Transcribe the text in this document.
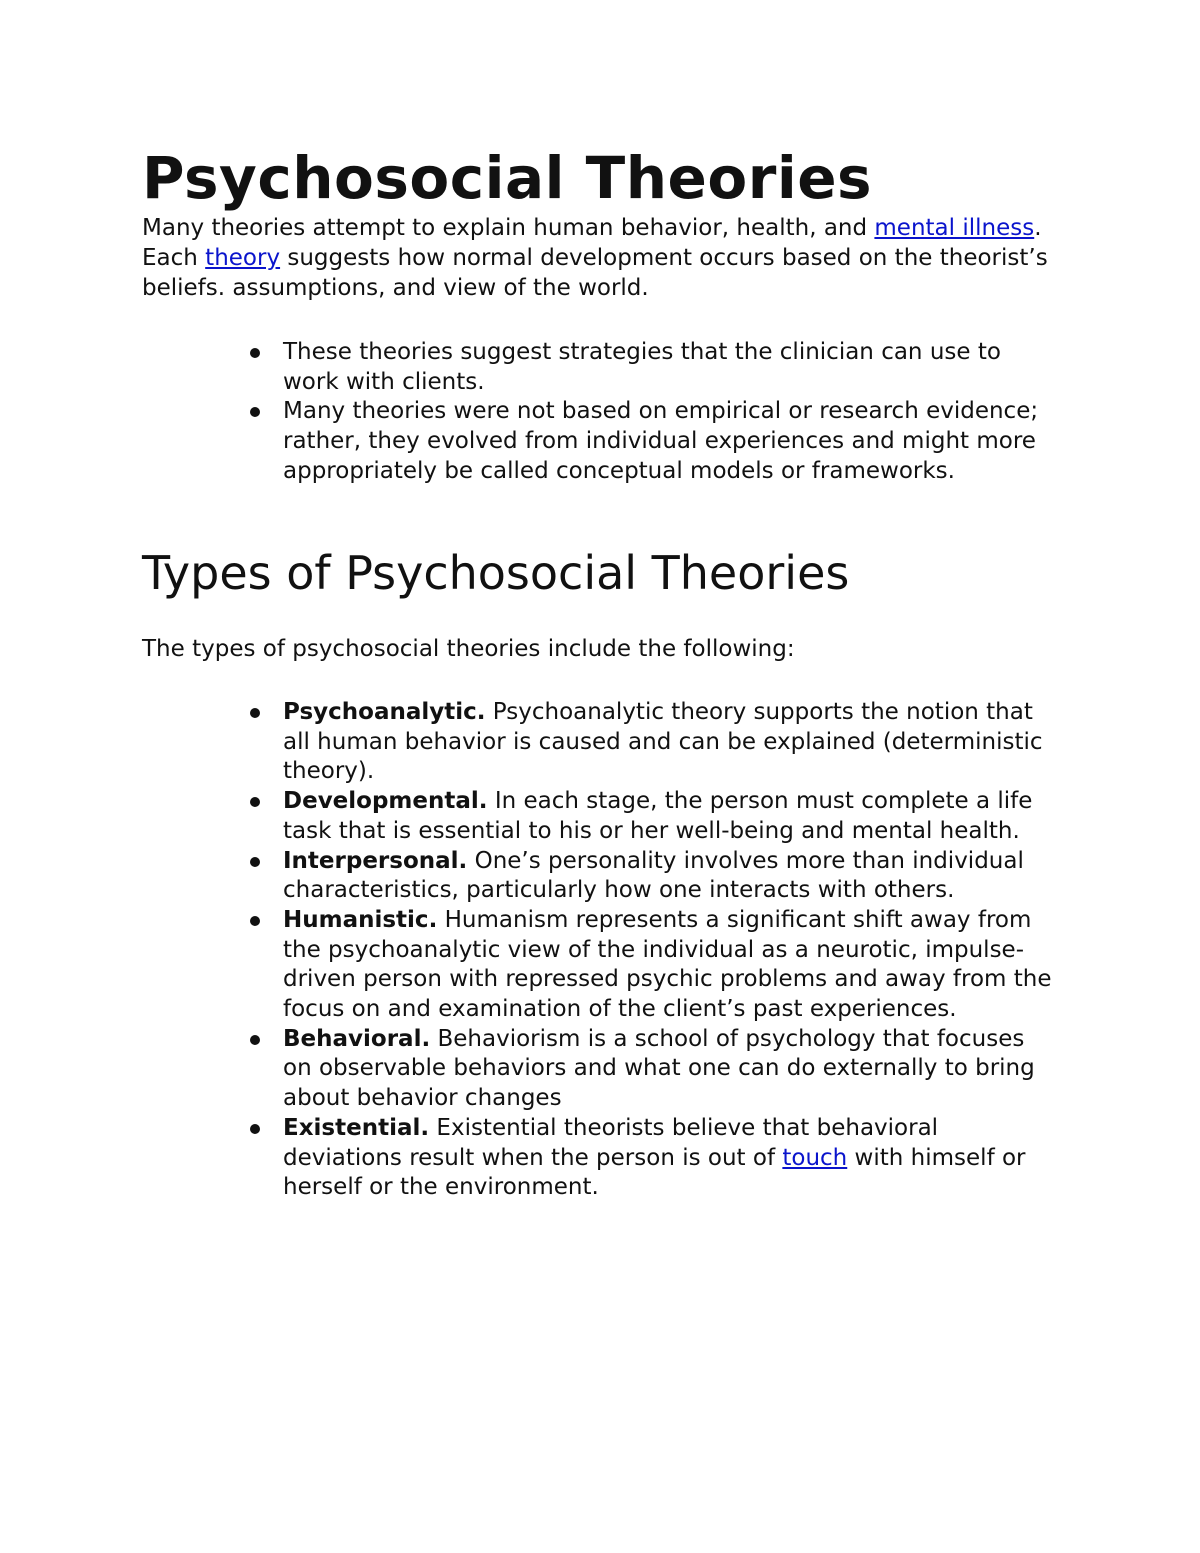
Psychosocial Theories

Many theories attempt to explain human behavior, health, and mental illness. Each theory suggests how normal development occurs based on the theorist’s beliefs. assumptions, and view of the world.

These theories suggest strategies that the clinician can use to work with clients.
Many theories were not based on empirical or research evidence; rather, they evolved from individual experiences and might more appropriately be called conceptual models or frameworks.
Types of Psychosocial Theories

The types of psychosocial theories include the following:

Psychoanalytic. Psychoanalytic theory supports the notion that all human behavior is caused and can be explained (deterministic theory).
Developmental. In each stage, the person must complete a life task that is essential to his or her well-being and mental health.
Interpersonal. One’s personality involves more than individual characteristics, particularly how one interacts with others.
Humanistic. Humanism represents a significant shift away from the psychoanalytic view of the individual as a neurotic, impulse-driven person with repressed psychic problems and away from the focus on and examination of the client’s past experiences.
Behavioral. Behaviorism is a school of psychology that focuses on observable behaviors and what one can do externally to bring about behavior changes
Existential. Existential theorists believe that behavioral deviations result when the person is out of touch with himself or herself or the environment.
